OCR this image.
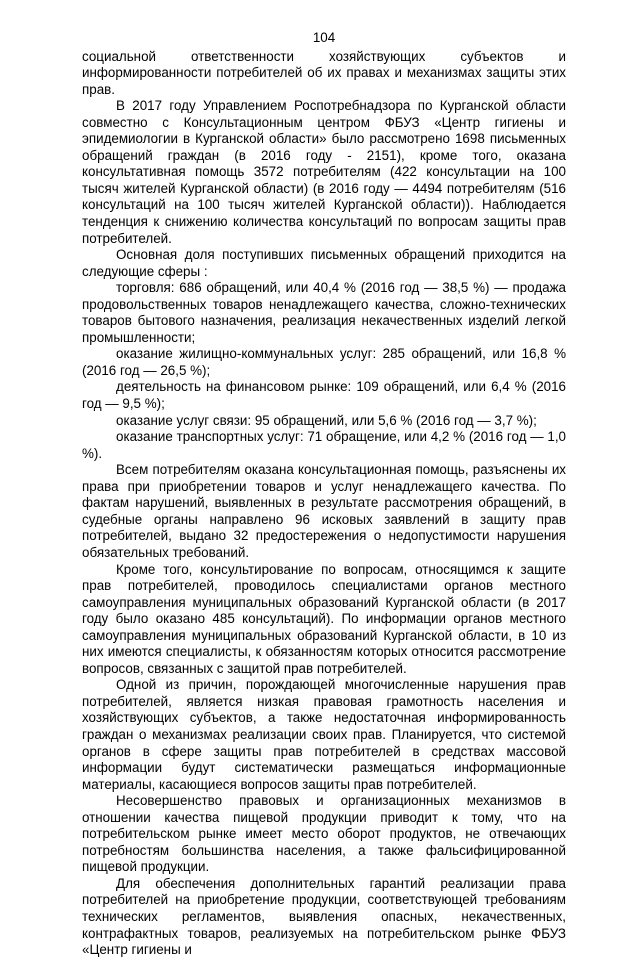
104

социальной ответственности хозяйствующих субъектов и информированности потребителей об их правах и механизмах защиты этих прав.

В 2017 году Управлением Роспотребнадзора по Курганской области совместно с Консультационным центром ФБУЗ «Центр гигиены и эпидемиологии в Курганской области» было рассмотрено 1698 письменных обращений граждан (в 2016 году - 2151), кроме того, оказана консультативная помощь 3572 потребителям (422 консультации на 100 тысяч жителей Курганской области) (в 2016 году — 4494 потребителям (516 консультаций на 100 тысяч жителей Курганской области)). Наблюдается тенденция к снижению количества консультаций по вопросам защиты прав потребителей.

Основная доля поступивших письменных обращений приходится на следующие сферы :

торговля: 686 обращений, или 40,4 % (2016 год — 38,5 %) — продажа продовольственных товаров ненадлежащего качества, сложно-технических товаров бытового назначения, реализация некачественных изделий легкой промышленности;

оказание жилищно-коммунальных услуг: 285 обращений, или 16,8 % (2016 год — 26,5 %);

деятельность на финансовом рынке: 109 обращений, или 6,4 % (2016 год — 9,5 %);

оказание услуг связи: 95 обращений, или 5,6 % (2016 год — 3,7 %);

оказание транспортных услуг: 71 обращение, или 4,2 % (2016 год — 1,0 %).

Всем потребителям оказана консультационная помощь, разъяснены их права при приобретении товаров и услуг ненадлежащего качества. По фактам нарушений, выявленных в результате рассмотрения обращений, в судебные органы направлено 96 исковых заявлений в защиту прав потребителей, выдано 32 предостережения о недопустимости нарушения обязательных требований.

Кроме того, консультирование по вопросам, относящимся к защите прав потребителей, проводилось специалистами органов местного самоуправления муниципальных образований Курганской области (в 2017 году было оказано 485 консультаций). По информации органов местного самоуправления муниципальных образований Курганской области, в 10 из них имеются специалисты, к обязанностям которых относится рассмотрение вопросов, связанных с защитой прав потребителей.

Одной из причин, порождающей многочисленные нарушения прав потребителей, является низкая правовая грамотность населения и хозяйствующих субъектов, а также недостаточная информированность граждан о механизмах реализации своих прав. Планируется, что системой органов в сфере защиты прав потребителей в средствах массовой информации будут систематически размещаться информационные материалы, касающиеся вопросов защиты прав потребителей.

Несовершенство правовых и организационных механизмов в отношении качества пищевой продукции приводит к тому, что на потребительском рынке имеет место оборот продуктов, не отвечающих потребностям большинства населения, а также фальсифицированной пищевой продукции.

Для обеспечения дополнительных гарантий реализации права потребителей на приобретение продукции, соответствующей требованиям технических регламентов, выявления опасных, некачественных, контрафактных товаров, реализуемых на потребительском рынке ФБУЗ «Центр гигиены и
